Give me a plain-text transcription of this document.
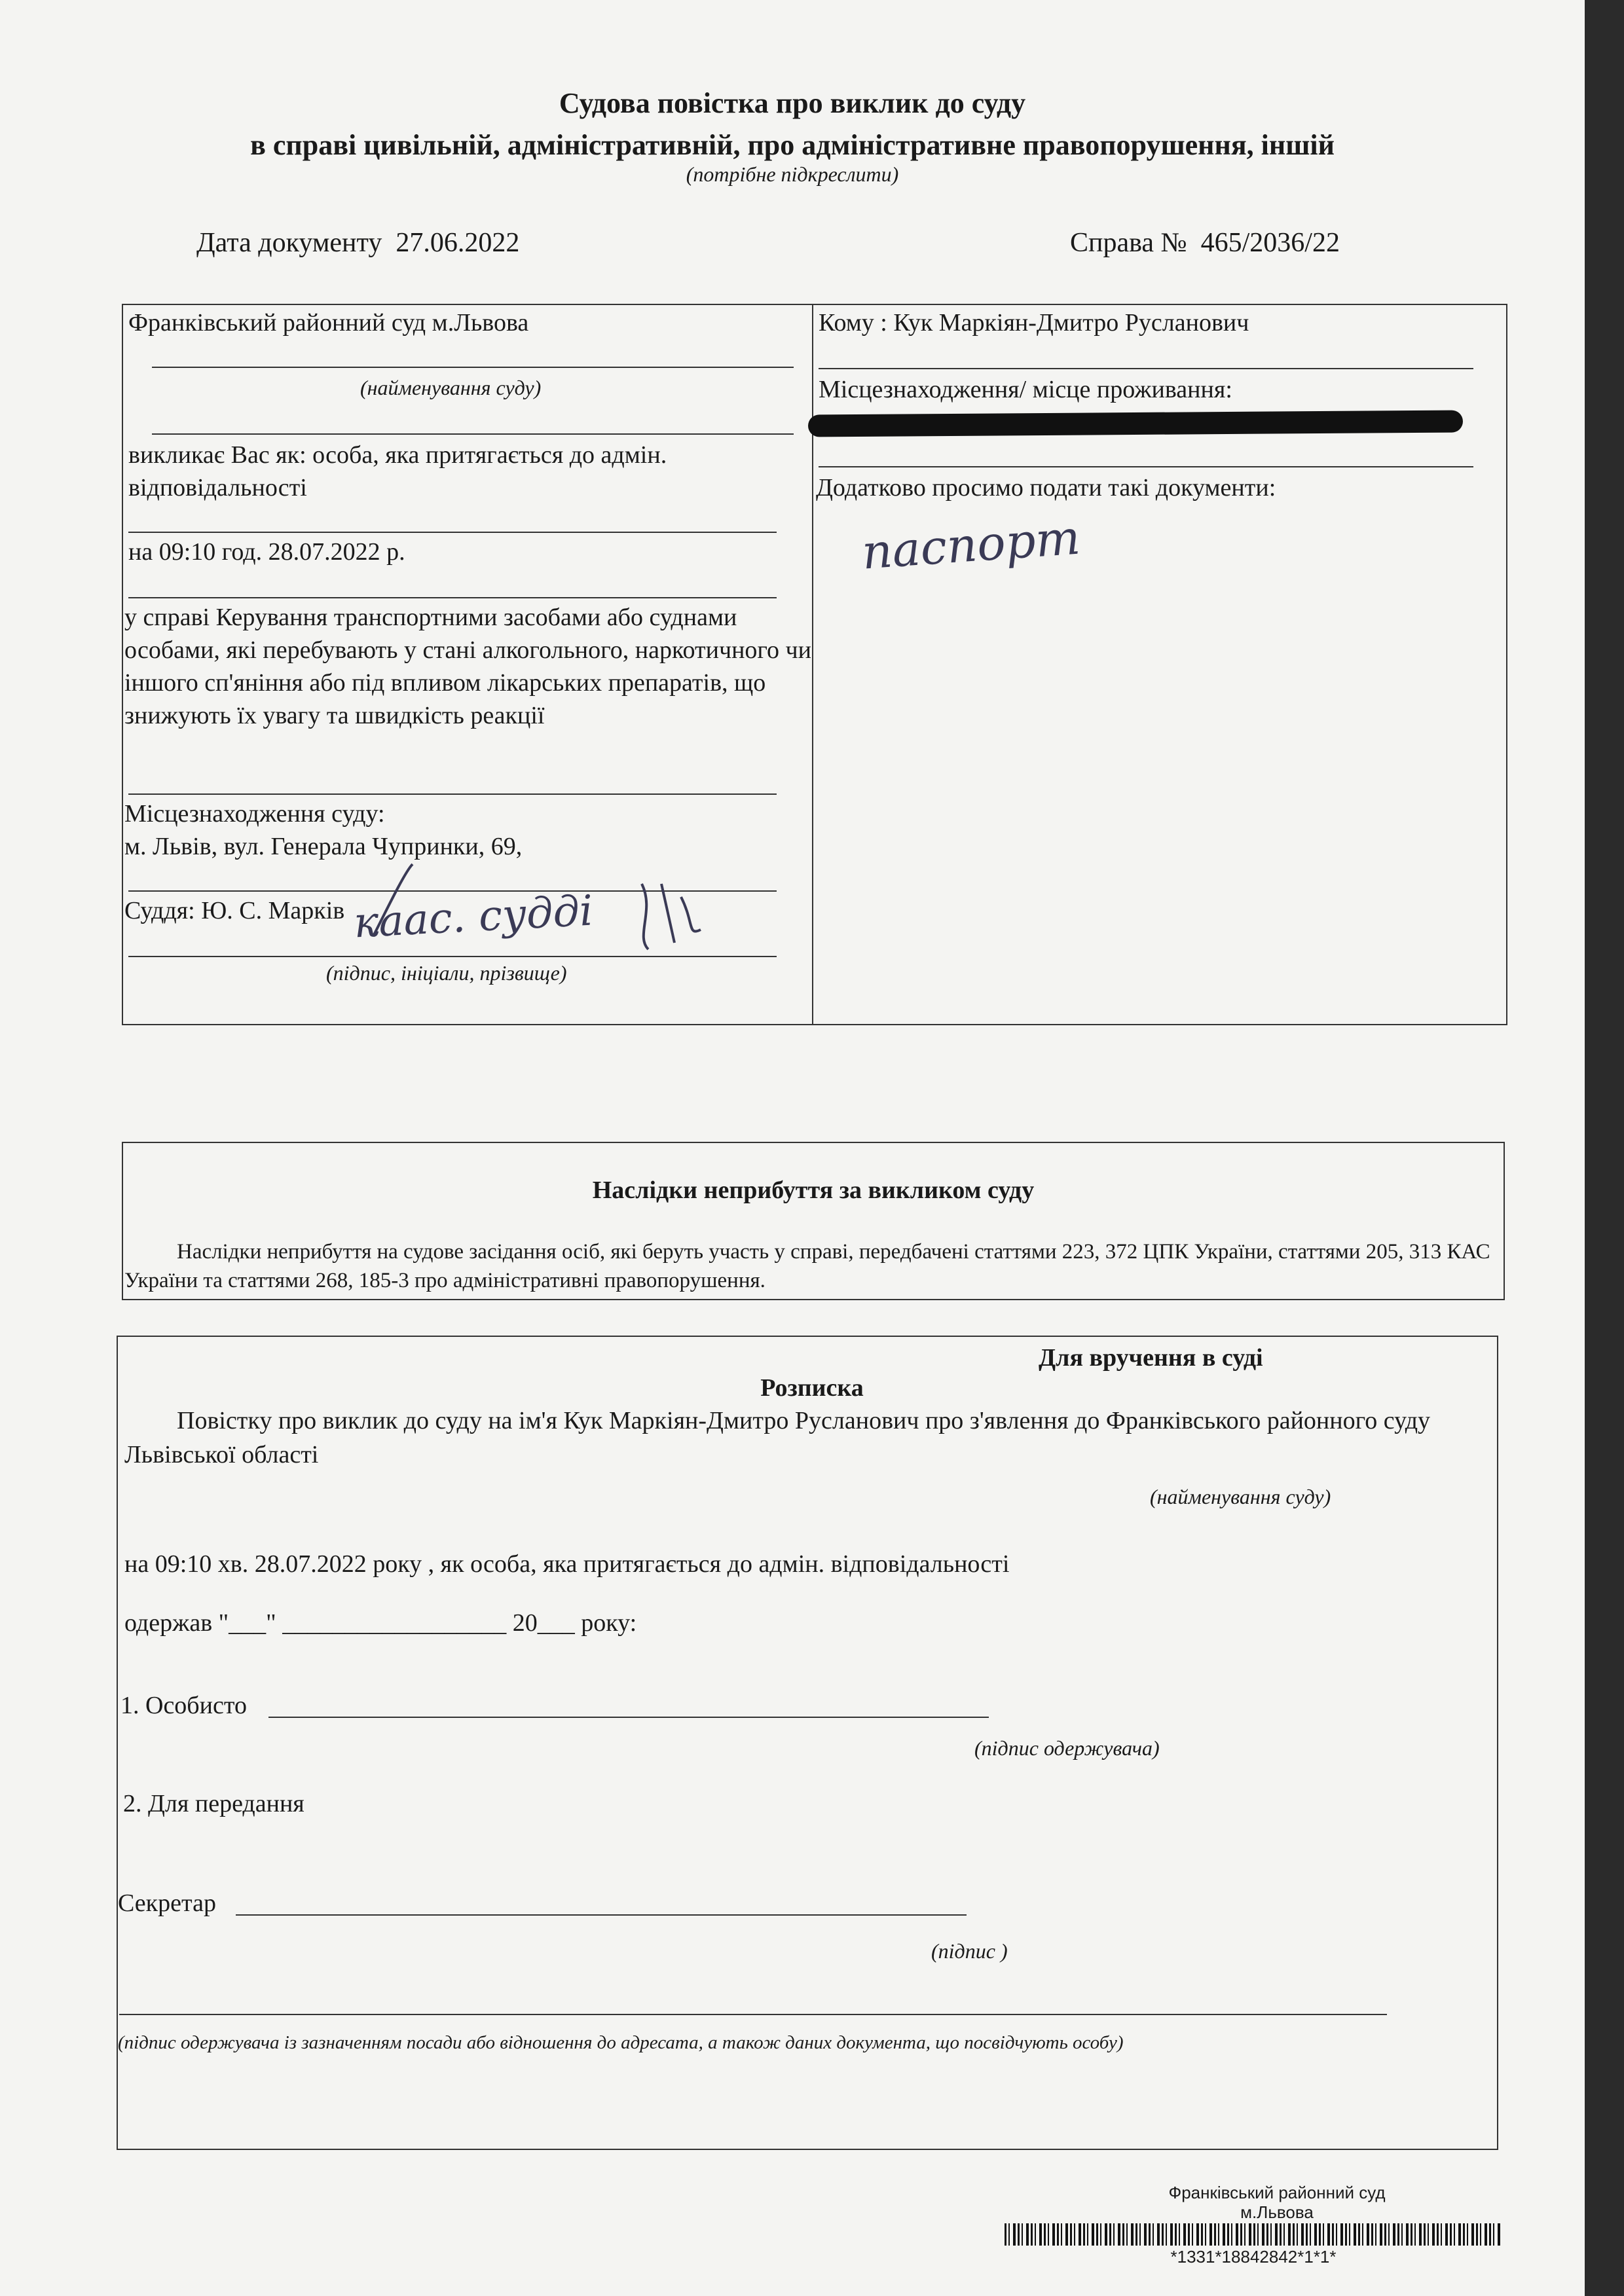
Судова повістка про виклик до суду
в справі цивільній, адміністративній, про адміністративне правопорушення, іншій
(потрібне підкреслити)
Дата документу 27.06.2022	Справа № 465/2036/22
Франківський районний суд м.Львова
(найменування суду)
викликає Вас як: особа, яка притягається до адмін. відповідальності
на 09:10 год. 28.07.2022 р.
у справі Керування транспортними засобами або суднами особами, які перебувають у стані алкогольного, наркотичного чи іншого сп'яніння або під впливом лікарських препаратів, що знижують їх увагу та швидкість реакції
Місцезнаходження суду:
м. Львів, вул. Генерала Чупринки, 69,
Суддя: Ю. С. Марків каас. судді
(підпис, ініціали, прізвище)
Кому : Кук Маркіян-Дмитро Русланович
Місцезнаходження/ місце проживання:
Додатково просимо подати такі документи:
паспорт
Наслідки неприбуття за викликом суду
Наслідки неприбуття на судове засідання осіб, які беруть участь у справі, передбачені статтями 223, 372 ЦПК України, статтями 205, 313 КАС України та статтями 268, 185-3 про адміністративні правопорушення.
Для вручення в суді
Розписка
Повістку про виклик до суду на ім'я Кук Маркіян-Дмитро Русланович про з'явлення до Франківського районного суду Львівської області
(найменування суду)
на 09:10 хв. 28.07.2022 року , як особа, яка притягається до адмін. відповідальності
одержав "___" __________________ 20___ року:
1. Особисто
(підпис одержувача)
2. Для передання
Секретар
(підпис )
(підпис одержувача із зазначенням посади або відношення до адресата, а також даних документа, що посвідчують особу)
Франківський районний суд
м.Львова
*1331*18842842*1*1*
